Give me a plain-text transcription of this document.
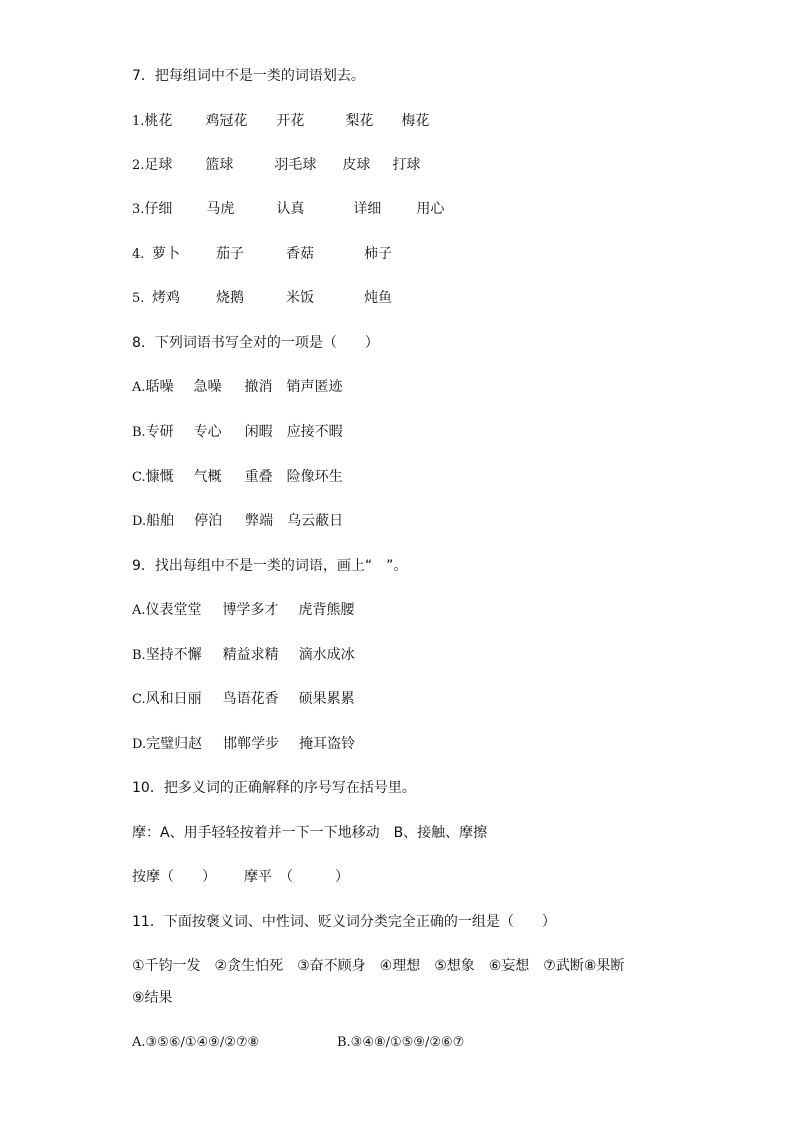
7．把每组词中不是一类的词语划去。
1. 桃花	鸡冠花	开花	梨花	梅花
2. 足球	篮球	羽毛球	皮球	打球
3. 仔细	马虎	认真	详细	用心
4. 萝卜	茄子	香菇	柿子
5. 烤鸡	烧鹅	米饭	炖鱼
8．下列词语书写全对的一项是（　　）
A. 聒噪	急噪	撤消	销声匿迹
B. 专研	专心	闲暇	应接不暇
C. 慷慨	气概	重叠	险像环生
D. 船舶	停泊	弊端	乌云蔽日
9．找出每组中不是一类的词语，画上“　”。
A. 仪表堂堂	博学多才	虎背熊腰
B. 坚持不懈	精益求精	滴水成冰
C. 风和日丽	鸟语花香	硕果累累
D. 完璧归赵	邯郸学步	掩耳盗铃
10．把多义词的正确解释的序号写在括号里。
摩：A、用手轻轻按着并一下一下地移动　B、接触、摩擦
按摩（　　）	摩平　（　　　）
11．下面按褒义词、中性词、贬义词分类完全正确的一组是（　　）
①千钧一发　②贪生怕死　③奋不顾身　④理想　⑤想象　⑥妄想　⑦武断⑧果断
⑨结果
A.③⑤⑥/①④⑨/②⑦⑧	B.③④⑧/①⑤⑨/②⑥⑦
